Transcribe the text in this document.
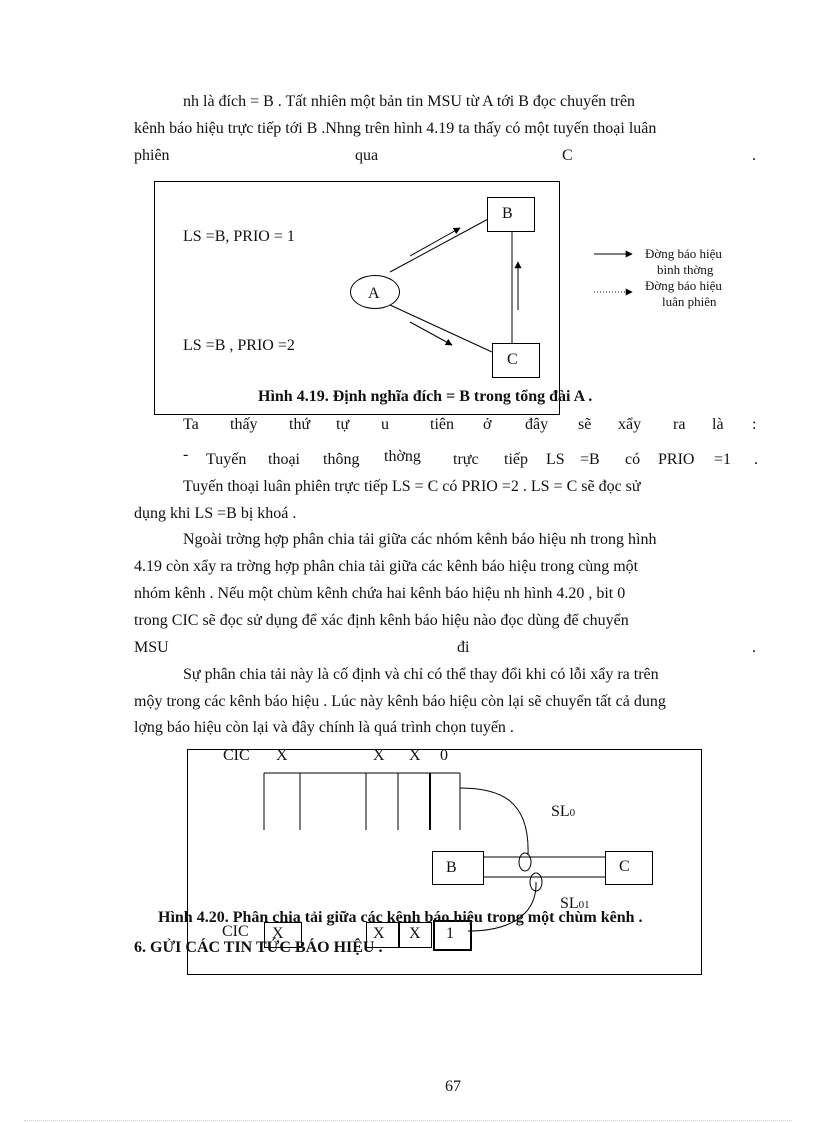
nh là đích = B . Tất nhiên một bản tin MSU từ A tới B đọc chuyển trên
kênh báo hiệu trực tiếp tới B .Nhng trên hình 4.19 ta thấy có một tuyến thoại luân
phiên	qua	C	.
A
B
C
LS =B, PRIO = 1
LS =B , PRIO =2
Đờng báo hiệu
bình thờng
Đờng báo hiệu
luân phiên
Hình 4.19. Định nghĩa đích = B trong tổng đài A .
Ta thấy thứ tự u	tiên ở đây sẽ xẩy ra là :
- Tuyến thoại thông thờng trực tiếp LS =B có PRIO =1 .
Tuyến thoại luân phiên trực tiếp LS = C có PRIO =2 . LS = C sẽ đọc sử
dụng khi LS =B bị khoá .
Ngoài trờng hợp phân chia tải giữa các nhóm kênh báo hiệu nh trong hình
4.19 còn xẩy ra trờng hợp phân chia tải giữa các kênh báo hiệu trong cùng một
nhóm kênh . Nếu một chùm kênh chứa hai kênh báo hiệu nh hình 4.20 , bit 0
trong CIC sẽ đọc sử dụng để xác định kênh báo hiệu nào đọc dùng để chuyển
MSU	đi	.
Sự phân chia tải này là cố định và chỉ có thể thay đổi khi có lỗi xẩy ra trên
mộy trong các kênh báo hiệu . Lúc này kênh báo hiệu còn lại sẽ chuyển tất cả dung
lợng báo hiệu còn lại và đây chính là quá trình chọn tuyến .
CIC X	X X 0
SL0
B	C
SL01
CIC X	X X 1
Hình 4.20. Phân chia tải giữa các kênh báo hiệu trong một chùm kênh .
6. GỬI CÁC TIN TỨC BÁO HIỆU .
67
